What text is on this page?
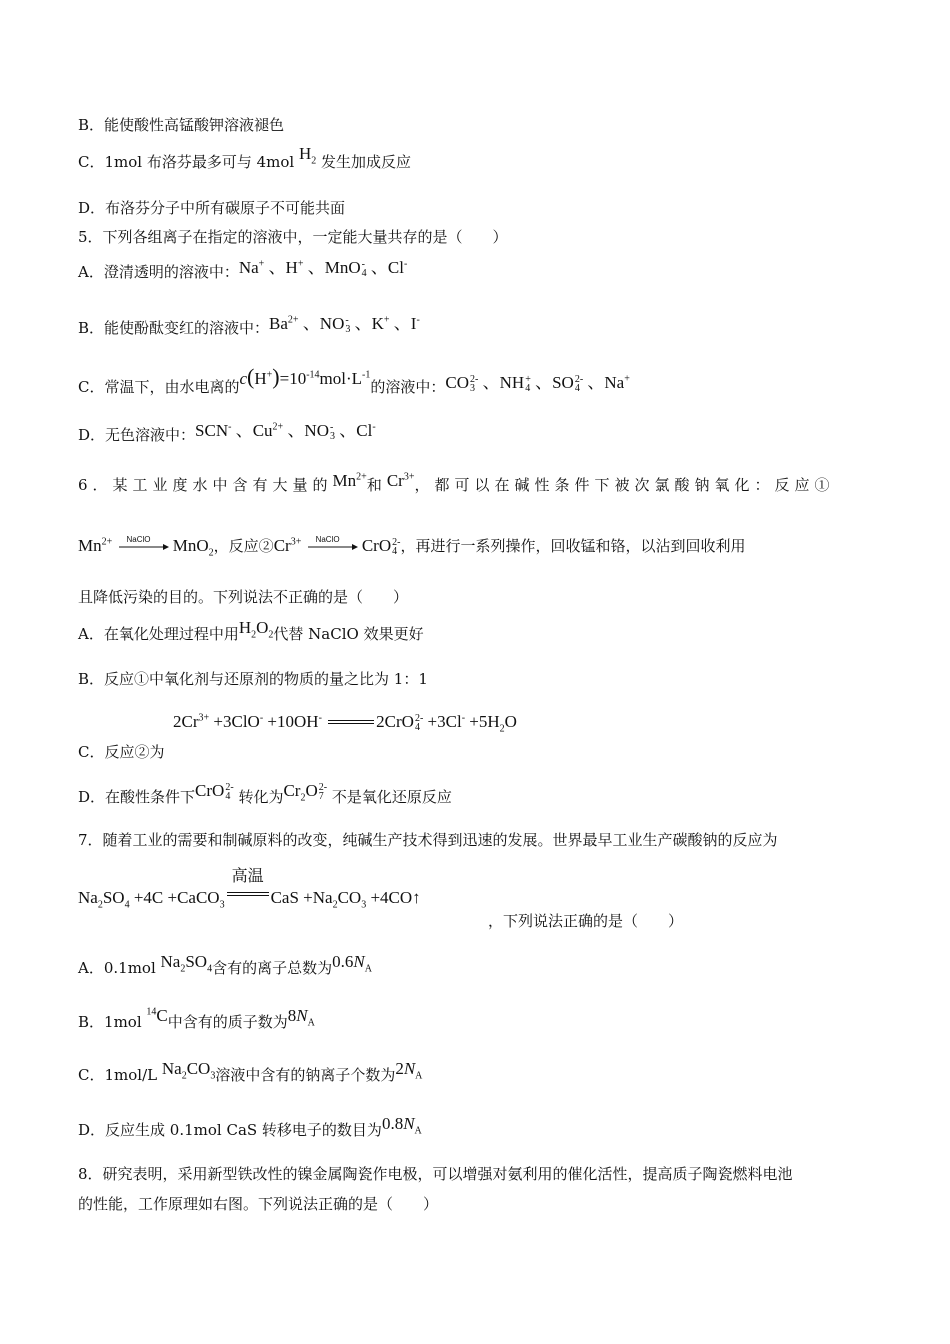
B．能使酸性高锰酸钾溶液褪色
C．1mol 布洛芬最多可与 4mol $H_2$ 发生加成反应
D．布洛芬分子中所有碳原子不可能共面
5．下列各组离子在指定的溶液中，一定能大量共存的是（　　）
A．澄清透明的溶液中：Na+ 、H+ 、MnO -
4 、Cl-
B．能使酚酞变红的溶液中：$Ba^{2+}$ 、NO -
3 、K+ 、I-
C．常温下，由水电离的$c(H^+)=10^{-14}mol\cdot L^{-1}$的溶液中：CO 2-
3 、NH +
4 、SO 2-
4 、Na+
D．无色溶液中：SCN- 、$Cu^{2+}$ 、NO -
3 、Cl-
6．某工业度水中含有大量的$Mn^{2+}$和$Cr^{3+}$，都可以在碱性条件下被次氯酸钠氧化：反应①
$Mn^{2+}$ NaClO MnO$_2$，反应$②Cr^{3+}$ NaClO CrO 2-
4 ，再进行一系列操作，回收锰和铬，以沾到回收利用
且降低污染的目的。下列说法不正确的是（　　）
A．在氧化处理过程中用$H_2O_2$代替 NaClO 效果更好
B．反应①中氧化剂与还原剂的物质的量之比为 1：1
$2Cr^{3+} +3ClO^- +10OH^-$	2CrO 2-
$4 +3Cl^- +5H_2O$
C．反应②为
D．在酸性条件下CrO 2-
4 转化为$Cr_2O$ 2-
7 不是氧化还原反应
7．随着工业的需要和制碱原料的改变，纯碱生产技术得到迅速的发展。世界最早工业生产碳酸钠的反应为
$Na_2SO_4 +4C$ +CaCO$_3$
高温
CaS $+Na_2CO_3$ +4CO↑
，下列说法正确的是（　　）
A．0.1mol $Na_2SO_4$含有的离子总数为$0.6N_A$
B．1mol $^{14}$C中含有的质子数为$8N_A$
C．1mol/L $Na_2CO_3$溶液中含有的钠离子个数为$2N_A$
D．反应生成 0.1mol CaS 转移电子的数目为$0.8N_A$
8．研究表明，采用新型铁改性的镍金属陶瓷作电极，可以增强对氨利用的催化活性，提高质子陶瓷燃料电池
的性能，工作原理如右图。下列说法正确的是（　　）
